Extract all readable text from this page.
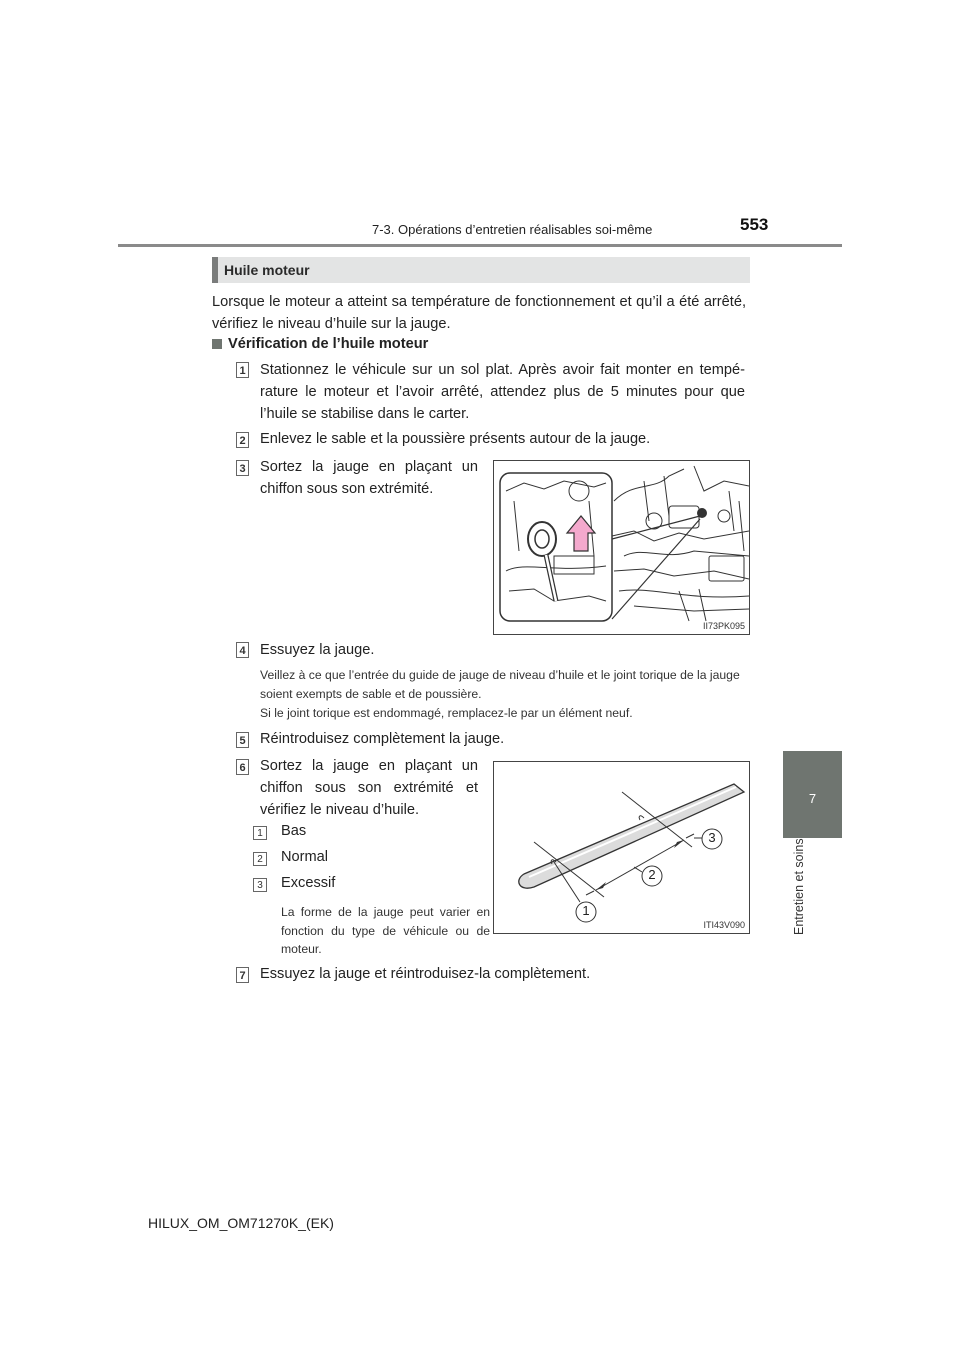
7-3. Opérations d’entretien réalisables soi-même	553
7
Entretien et soins
Huile moteur
Lorsque le moteur a atteint sa température de fonctionnement et qu’il a été arrêté, vérifiez le niveau d’huile sur la jauge.
Vérification de l’huile moteur
1 Stationnez le véhicule sur un sol plat. Après avoir fait monter en tempé-rature le moteur et l’avoir arrêté, attendez plus de 5 minutes pour que l’huile se stabilise dans le carter.
2 Enlevez le sable et la poussière présents autour de la jauge.
3 Sortez la jauge en plaçant un chiffon sous son extrémité.
II73PK095
4 Essuyez la jauge.
Veillez à ce que l’entrée du guide de jauge de niveau d’huile et le joint torique de la jauge soient exempts de sable et de poussière.
Si le joint torique est endommagé, remplacez-le par un élément neuf.
5 Réintroduisez complètement la jauge.
6 Sortez la jauge en plaçant un chiffon sous son extrémité et vérifiez le niveau d’huile.
1 Bas
2 Normal
3 Excessif
La forme de la jauge peut varier en fonction du type de véhicule ou de moteur.
1
2
3
ITI43V090
7 Essuyez la jauge et réintroduisez-la complètement.
HILUX_OM_OM71270K_(EK)
